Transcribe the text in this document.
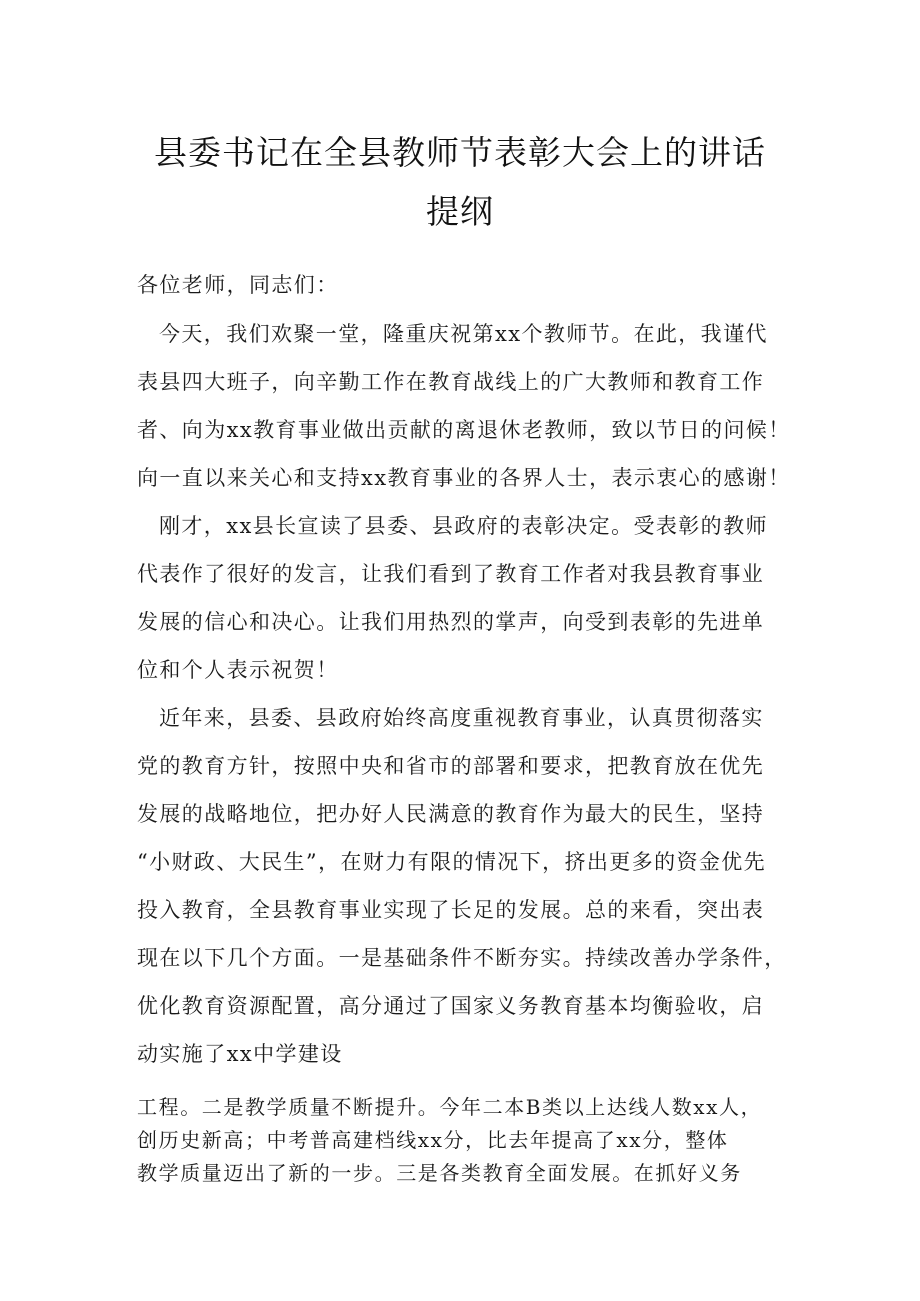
县委书记在全县教师节表彰大会上的讲话
提纲
各位老师，同志们：
今天，我们欢聚一堂，隆重庆祝第xx个教师节。在此，我谨代
表县四大班子，向辛勤工作在教育战线上的广大教师和教育工作
者、向为xx教育事业做出贡献的离退休老教师，致以节日的问候！
向一直以来关心和支持xx教育事业的各界人士，表示衷心的感谢！
刚才，xx县长宣读了县委、县政府的表彰决定。受表彰的教师
代表作了很好的发言，让我们看到了教育工作者对我县教育事业
发展的信心和决心。让我们用热烈的掌声，向受到表彰的先进单
位和个人表示祝贺！
近年来，县委、县政府始终高度重视教育事业，认真贯彻落实
党的教育方针，按照中央和省市的部署和要求，把教育放在优先
发展的战略地位，把办好人民满意的教育作为最大的民生，坚持
“小财政、大民生”，在财力有限的情况下，挤出更多的资金优先
投入教育，全县教育事业实现了长足的发展。总的来看，突出表
现在以下几个方面。一是基础条件不断夯实。持续改善办学条件，
优化教育资源配置，高分通过了国家义务教育基本均衡验收，启
动实施了xx中学建设
工程。二是教学质量不断提升。今年二本B类以上达线人数xx人，
创历史新高；中考普高建档线xx分，比去年提高了xx分，整体
教学质量迈出了新的一步。三是各类教育全面发展。在抓好义务
